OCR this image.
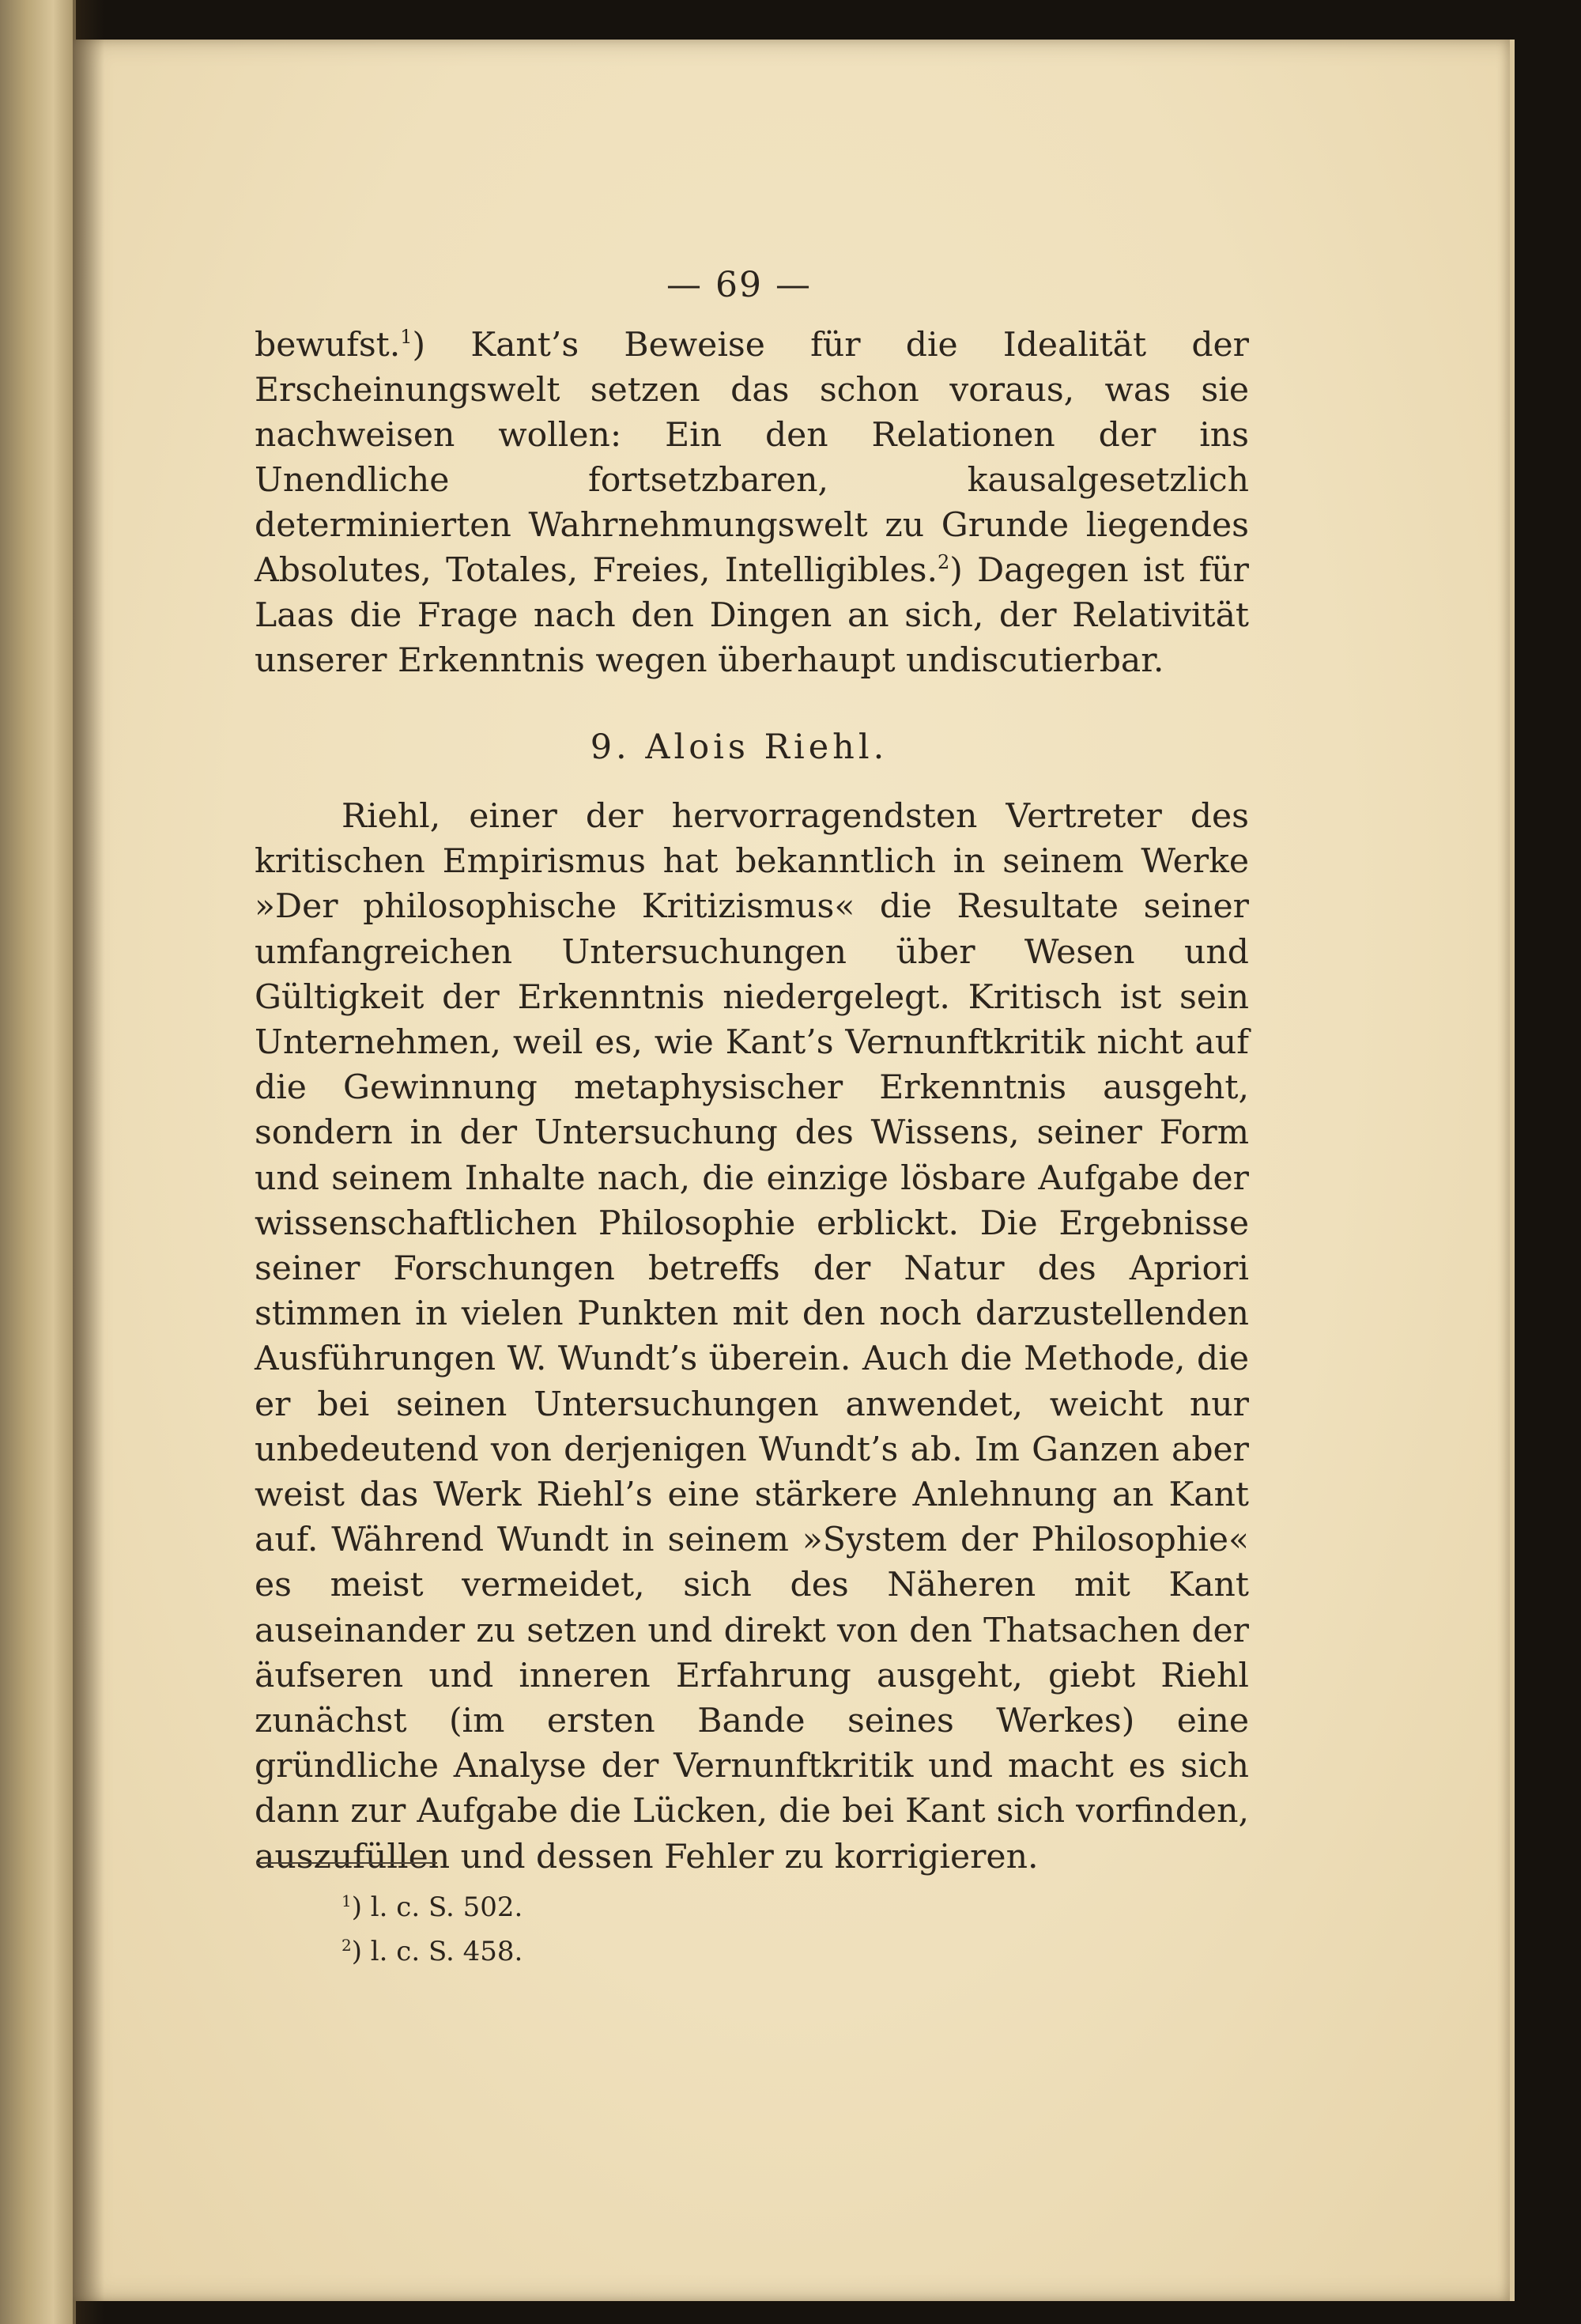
— 69 —

bewufst.$^1$) Kant’s Beweise für die Idealität der Erscheinungswelt setzen das schon voraus, was sie nachweisen wollen: Ein den Relationen der ins Unendliche fortsetzbaren, kausalgesetzlich determinierten Wahrnehmungswelt zu Grunde liegendes Absolutes, Totales, Freies, Intelligibles.$^2$) Dagegen ist für Laas die Frage nach den Dingen an sich, der Relativität unserer Erkenntnis wegen überhaupt undiscutierbar.

9. Alois Riehl.

Riehl, einer der hervorragendsten Vertreter des kritischen Empirismus hat bekanntlich in seinem Werke »Der philosophische Kritizismus« die Resultate seiner umfangreichen Untersuchungen über Wesen und Gültigkeit der Erkenntnis niedergelegt. Kritisch ist sein Unternehmen, weil es, wie Kant’s Vernunftkritik nicht auf die Gewinnung metaphysischer Erkenntnis ausgeht, sondern in der Untersuchung des Wissens, seiner Form und seinem Inhalte nach, die einzige lösbare Aufgabe der wissenschaftlichen Philosophie erblickt. Die Ergebnisse seiner Forschungen betreffs der Natur des Apriori stimmen in vielen Punkten mit den noch darzustellenden Ausführungen W. Wundt’s überein. Auch die Methode, die er bei seinen Untersuchungen anwendet, weicht nur unbedeutend von derjenigen Wundt’s ab. Im Ganzen aber weist das Werk Riehl’s eine stärkere Anlehnung an Kant auf. Während Wundt in seinem »System der Philosophie« es meist vermeidet, sich des Näheren mit Kant auseinander zu setzen und direkt von den Thatsachen der äufseren und inneren Erfahrung ausgeht, giebt Riehl zunächst (im ersten Bande seines Werkes) eine gründliche Analyse der Vernunftkritik und macht es sich dann zur Aufgabe die Lücken, die bei Kant sich vorfinden, auszufüllen und dessen Fehler zu korrigieren.

$^1$) l. c. S. 502.
$^2$) l. c. S. 458.
